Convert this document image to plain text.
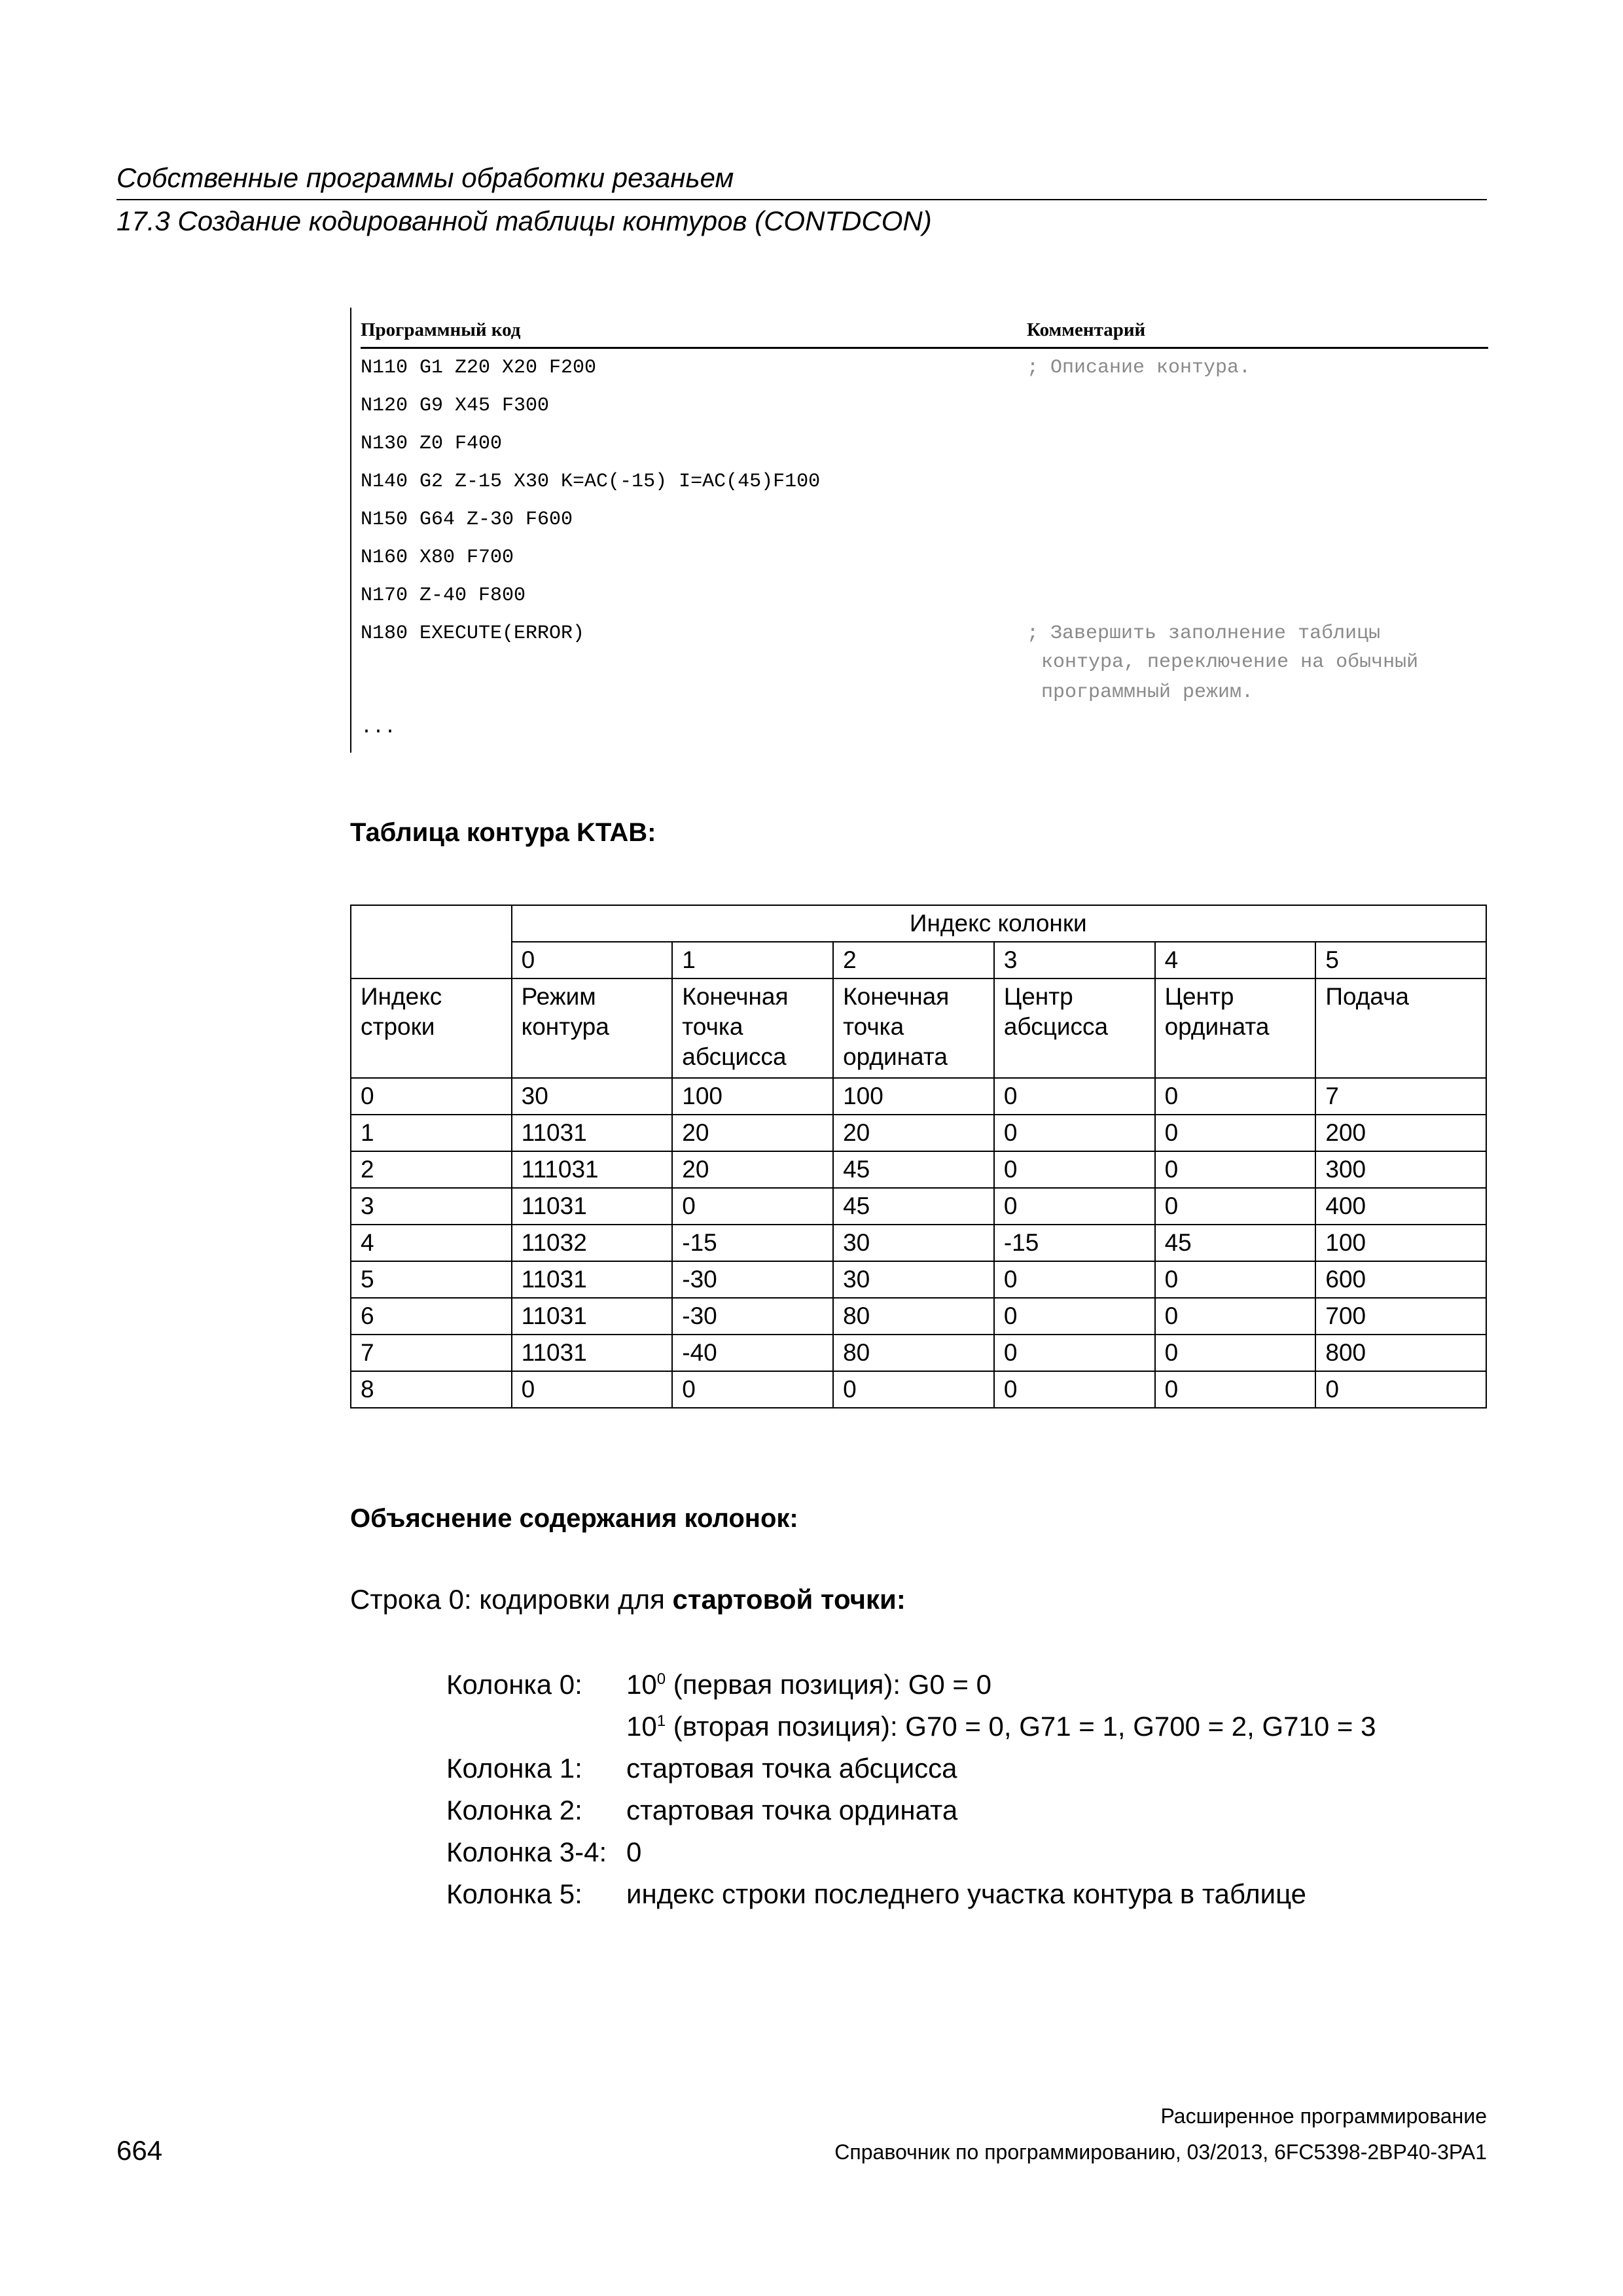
Собственные программы обработки резаньем
17.3 Создание кодированной таблицы контуров (CONTDCON)
Программный код	Комментарий
N110 G1 Z20 X20 F200	; Описание контура.
N120 G9 X45 F300
N130 Z0 F400
N140 G2 Z-15 X30 K=AC(-15) I=AC(45)F100
N150 G64 Z-30 F600
N160 X80 F700
N170 Z-40 F800
N180 EXECUTE(ERROR)	; Завершить заполнение таблицы
контура, переключение на обычный
программный режим.
...
Таблица контура KTAB:
	Индекс колонки					
	0	1	2	3	4	5
Индекс строки	Режим контура	Конечная точка абсцисса	Конечная точка ордината	Центр абсцисса	Центр ордината	Подача
0	30	100	100	0	0	7
1	11031	20	20	0	0	200
2	111031	20	45	0	0	300
3	11031	0	45	0	0	400
4	11032	-15	30	-15	45	100
5	11031	-30	30	0	0	600
6	11031	-30	80	0	0	700
7	11031	-40	80	0	0	800
8	0	0	0	0	0	0
Объяснение содержания колонок:
Строка 0: кодировки для стартовой точки:
Колонка 0: $10^0$ (первая позиция): G0 = 0
$10^1$ (вторая позиция): G70 = 0, G71 = 1, G700 = 2, G710 = 3
Колонка 1: стартовая точка абсцисса
Колонка 2: стартовая точка ордината
Колонка 3-4: 0
Колонка 5: индекс строки последнего участка контура в таблице
Расширенное программирование
664	Справочник по программированию, 03/2013, 6FC5398-2BP40-3PA1
